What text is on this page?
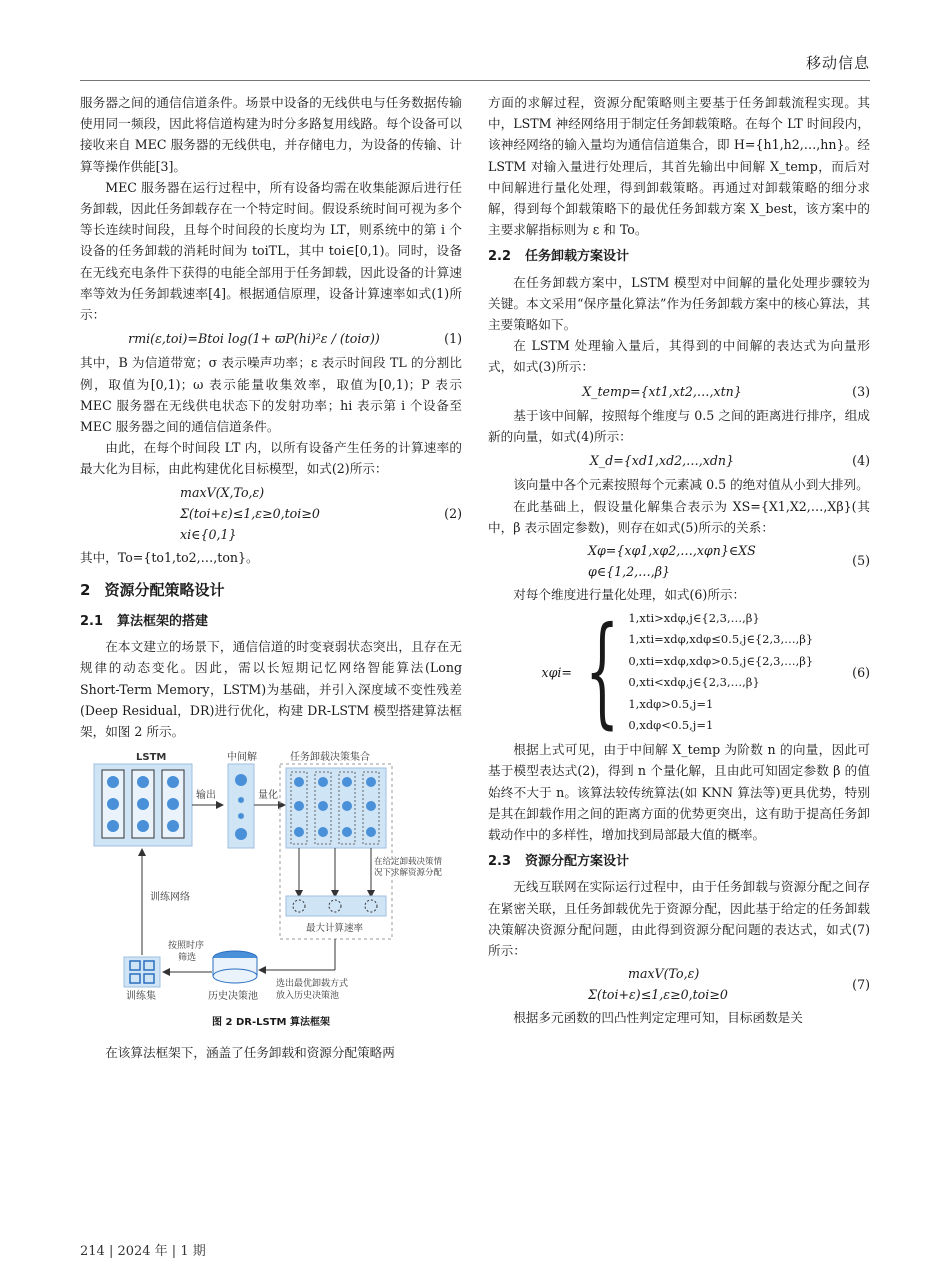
移动信息

服务器之间的通信信道条件。场景中设备的无线供电与任务数据传输使用同一频段，因此将信道构建为时分多路复用线路。每个设备可以接收来自 MEC 服务器的无线供电，并存储电力，为设备的传输、计算等操作供能[3]。

MEC 服务器在运行过程中，所有设备均需在收集能源后进行任务卸载，因此任务卸载存在一个特定时间。假设系统时间可视为多个等长连续时间段，且每个时间段的长度均为 LT，则系统中的第 i 个设备的任务卸载的消耗时间为 toiTL，其中 toi∈[0,1)。同时，设备在无线充电条件下获得的电能全部用于任务卸载，因此设备的计算速率等效为任务卸载速率[4]。根据通信原理，设备计算速率如式(1)所示：

rmi(ε,toi)=Btoi log(1+ ϖP(hi)²ε / (toiσ))	(1)

其中，B 为信道带宽；σ 表示噪声功率；ε 表示时间段 TL 的分割比例，取值为[0,1)；ω 表示能量收集效率，取值为[0,1)；P 表示 MEC 服务器在无线供电状态下的发射功率；hi 表示第 i 个设备至 MEC 服务器之间的通信信道条件。

由此，在每个时间段 LT 内，以所有设备产生任务的计算速率的最大化为目标，由此构建优化目标模型，如式(2)所示：

maxV(X,To,ε)
Σ(toi+ε)≤1,ε≥0,toi≥0
xi∈{0,1}
(2)

其中，To={to1,to2,…,ton}。

2 资源分配策略设计
2.1 算法框架的搭建

在本文建立的场景下，通信信道的时变衰弱状态突出，且存在无规律的动态变化。因此，需以长短期记忆网络智能算法(Long Short-Term Memory，LSTM)为基础，并引入深度域不变性残差(Deep Residual，DR)进行优化，构建 DR-LSTM 模型搭建算法框架，如图 2 所示。

LSTM
输出
中间解
量化
任务卸载决策集合
在给定卸载决策情 况下求解资源分配
最大计算速率
训练网络
训练集
按照时序筛选
历史决策池
选出最优卸载方式放入历史决策池
图 2 DR-LSTM 算法框架

在该算法框架下，涵盖了任务卸载和资源分配策略两

方面的求解过程，资源分配策略则主要基于任务卸载流程实现。其中，LSTM 神经网络用于制定任务卸载策略。在每个 LT 时间段内，该神经网络的输入量均为通信信道集合，即 H={h1,h2,…,hn}。经 LSTM 对输入量进行处理后，其首先输出中间解 X_temp，而后对中间解进行量化处理，得到卸载策略。再通过对卸载策略的细分求解，得到每个卸载策略下的最优任务卸载方案 X_best，该方案中的主要求解指标则为 ε 和 To。

2.2 任务卸载方案设计

在任务卸载方案中，LSTM 模型对中间解的量化处理步骤较为关键。本文采用“保序量化算法”作为任务卸载方案中的核心算法，其主要策略如下。

在 LSTM 处理输入量后，其得到的中间解的表达式为向量形式，如式(3)所示：

X_temp={xt1,xt2,…,xtn}	(3)

基于该中间解，按照每个维度与 0.5 之间的距离进行排序，组成新的向量，如式(4)所示：

X_d={xd1,xd2,…,xdn}	(4)

该向量中各个元素按照每个元素减 0.5 的绝对值从小到大排列。

在此基础上，假设量化解集合表示为 XS={X1,X2,…,Xβ}(其中，β 表示固定参数)，则存在如式(5)所示的关系：

Xφ={xφ1,xφ2,…,xφn}∈XS
φ∈{1,2,…,β}
(5)

对每个维度进行量化处理，如式(6)所示：

xφi= { 1,xti>xdφ,j∈{2,3,…,β}
1,xti=xdφ,xdφ≤0.5,j∈{2,3,…,β}
0,xti=xdφ,xdφ>0.5,j∈{2,3,…,β}
0,xti<xdφ,j∈{2,3,…,β}
1,xdφ>0.5,j=1
0,xdφ<0.5,j=1
(6)

根据上式可见，由于中间解 X_temp 为阶数 n 的向量，因此可基于模型表达式(2)，得到 n 个量化解，且由此可知固定参数 β 的值始终不大于 n。该算法较传统算法(如 KNN 算法等)更具优势，特别是其在卸载作用之间的距离方面的优势更突出，这有助于提高任务卸载动作中的多样性，增加找到局部最大值的概率。

2.3 资源分配方案设计

无线互联网在实际运行过程中，由于任务卸载与资源分配之间存在紧密关联，且任务卸载优先于资源分配，因此基于给定的任务卸载决策解决资源分配问题，由此得到资源分配问题的表达式，如式(7)所示：

maxV(To,ε)
Σ(toi+ε)≤1,ε≥0,toi≥0
(7)

根据多元函数的凹凸性判定定理可知，目标函数是关

214 | 2024 年 | 1 期
